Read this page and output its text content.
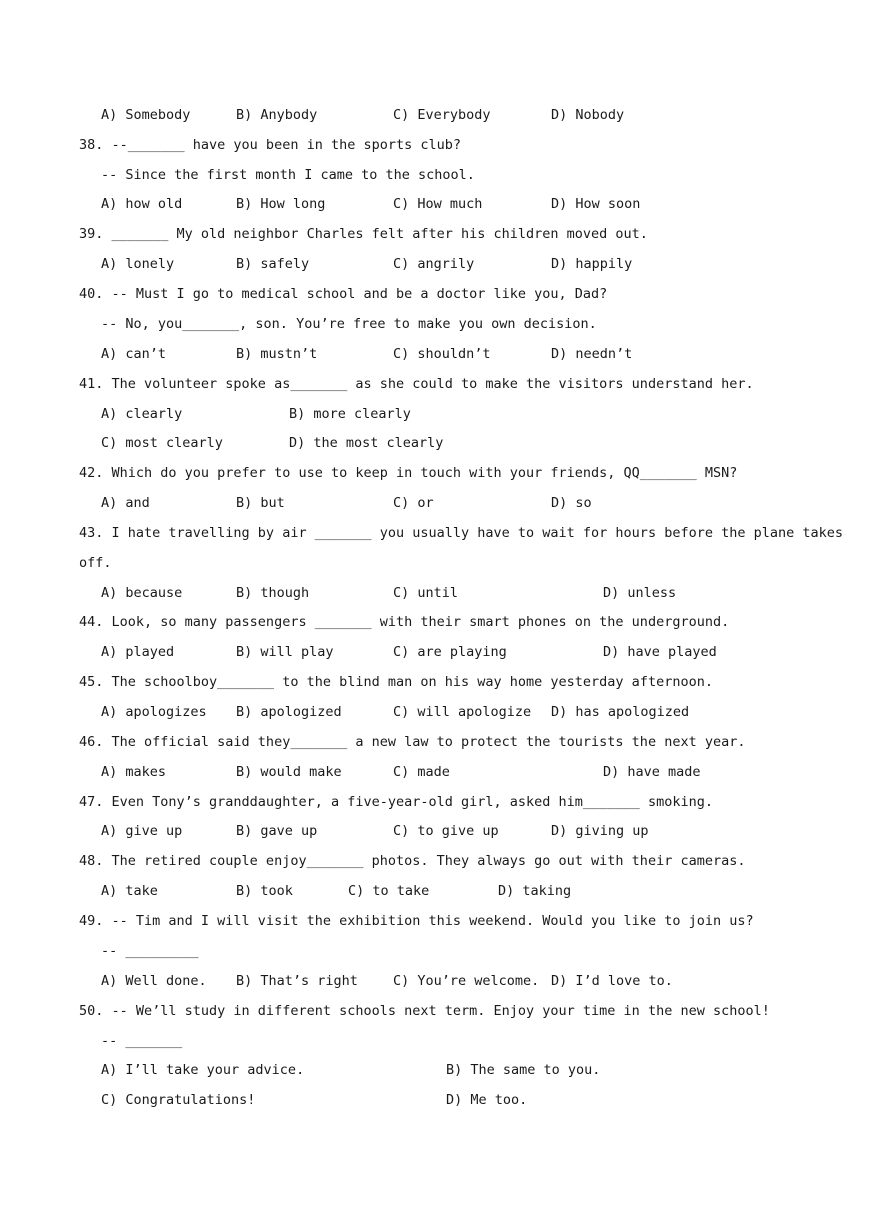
A) Somebody	B) Anybody	C) Everybody	D) Nobody
38. --_______ have you been in the sports club?
-- Since the first month I came to the school.
A) how old	B) How long	C) How much	D) How soon
39. _______ My old neighbor Charles felt after his children moved out.
A) lonely	B) safely	C) angrily	D) happily
40. -- Must I go to medical school and be a doctor like you, Dad?
-- No, you_______, son. You’re free to make you own decision.
A) can’t	B) mustn’t	C) shouldn’t	D) needn’t
41. The volunteer spoke as_______ as she could to make the visitors understand her.
A) clearly	B) more clearly
C) most clearly	D) the most clearly
42. Which do you prefer to use to keep in touch with your friends, QQ_______ MSN?
A) and	B) but	C) or	D) so
43. I hate travelling by air _______ you usually have to wait for hours before the plane takes
off.
A) because	B) though	C) until	D) unless
44. Look, so many passengers _______ with their smart phones on the underground.
A) played	B) will play	C) are playing	D) have played
45. The schoolboy_______ to the blind man on his way home yesterday afternoon.
A) apologizes B) apologized	C) will apologize D) has apologized
46. The official said they_______ a new law to protect the tourists the next year.
A) makes	B) would make	C) made	D) have made
47. Even Tony’s granddaughter, a five-year-old girl, asked him_______ smoking.
A) give up	B) gave up	C) to give up	D) giving up
48. The retired couple enjoy_______ photos. They always go out with their cameras.
A) take	B) took	C) to take	D) taking
49. -- Tim and I will visit the exhibition this weekend. Would you like to join us?
-- _________
A) Well done. B) That’s right	C) You’re welcome. D) I’d love to.
50. -- We’ll study in different schools next term. Enjoy your time in the new school!
-- _______
A) I’ll take your advice.	B) The same to you.
C) Congratulations!	D) Me too.
